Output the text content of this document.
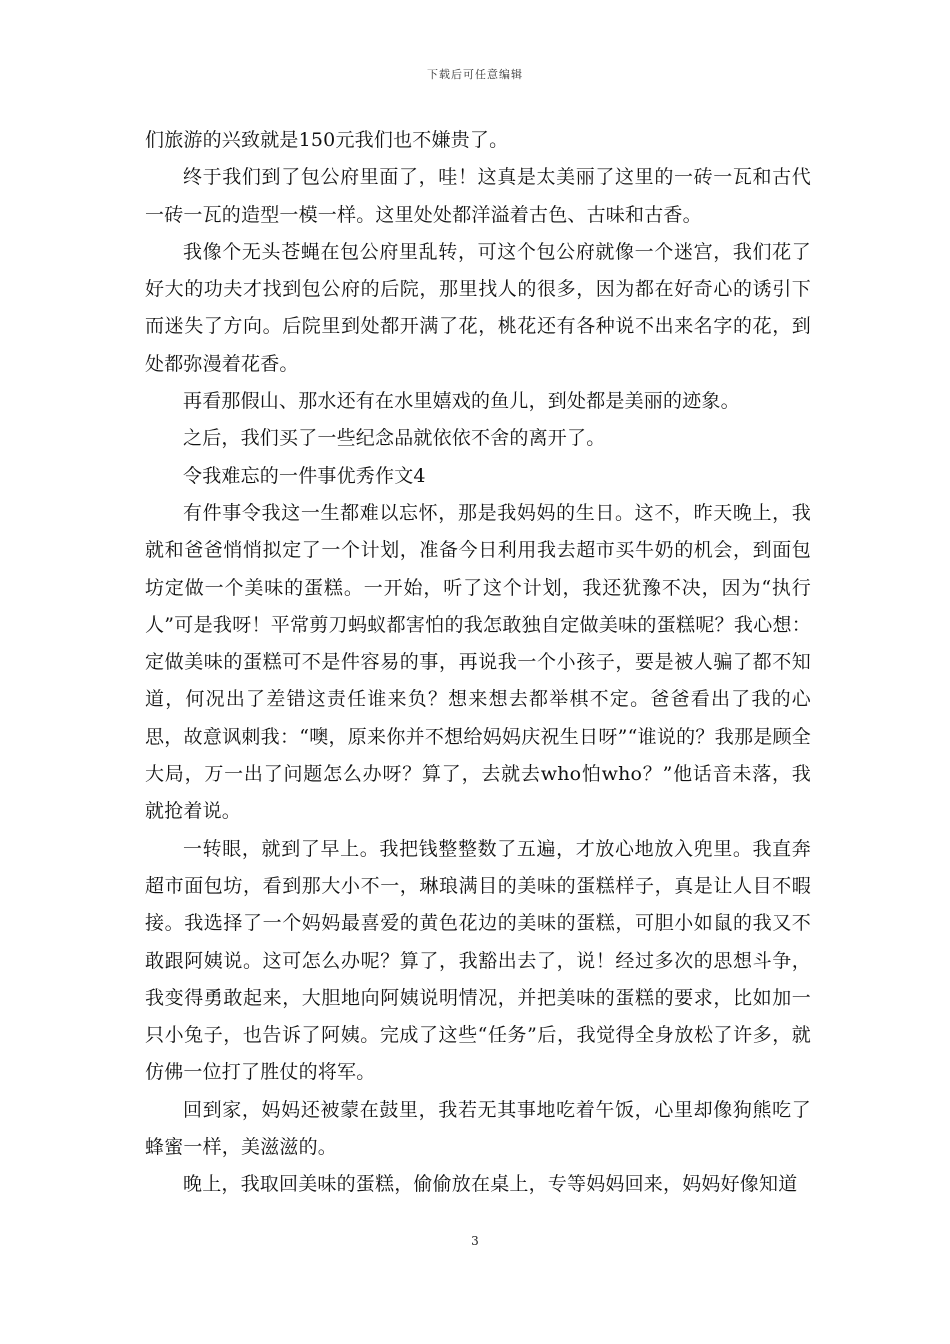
下载后可任意编辑

们旅游的兴致就是150元我们也不嫌贵了。

终于我们到了包公府里面了，哇！这真是太美丽了这里的一砖一瓦和古代一砖一瓦的造型一模一样。这里处处都洋溢着古色、古味和古香。

我像个无头苍蝇在包公府里乱转，可这个包公府就像一个迷宫，我们花了好大的功夫才找到包公府的后院，那里找人的很多，因为都在好奇心的诱引下而迷失了方向。后院里到处都开满了花，桃花还有各种说不出来名字的花，到处都弥漫着花香。

再看那假山、那水还有在水里嬉戏的鱼儿，到处都是美丽的迹象。

之后，我们买了一些纪念品就依依不舍的离开了。

令我难忘的一件事优秀作文4

有件事令我这一生都难以忘怀，那是我妈妈的生日。这不，昨天晚上，我就和爸爸悄悄拟定了一个计划，准备今日利用我去超市买牛奶的机会，到面包坊定做一个美味的蛋糕。一开始，听了这个计划，我还犹豫不决，因为“执行人”可是我呀！平常剪刀蚂蚁都害怕的我怎敢独自定做美味的蛋糕呢？我心想：定做美味的蛋糕可不是件容易的事，再说我一个小孩子，要是被人骗了都不知道，何况出了差错这责任谁来负？想来想去都举棋不定。爸爸看出了我的心思，故意讽刺我：“噢，原来你并不想给妈妈庆祝生日呀”“谁说的？我那是顾全大局，万一出了问题怎么办呀？算了，去就去who怕who？”他话音未落，我就抢着说。

一转眼，就到了早上。我把钱整整数了五遍，才放心地放入兜里。我直奔超市面包坊，看到那大小不一，琳琅满目的美味的蛋糕样子，真是让人目不暇接。我选择了一个妈妈最喜爱的黄色花边的美味的蛋糕，可胆小如鼠的我又不敢跟阿姨说。这可怎么办呢？算了，我豁出去了，说！经过多次的思想斗争，我变得勇敢起来，大胆地向阿姨说明情况，并把美味的蛋糕的要求，比如加一只小兔子，也告诉了阿姨。完成了这些“任务”后，我觉得全身放松了许多，就仿佛一位打了胜仗的将军。

回到家，妈妈还被蒙在鼓里，我若无其事地吃着午饭，心里却像狗熊吃了蜂蜜一样，美滋滋的。

晚上，我取回美味的蛋糕，偷偷放在桌上，专等妈妈回来，妈妈好像知道

3
